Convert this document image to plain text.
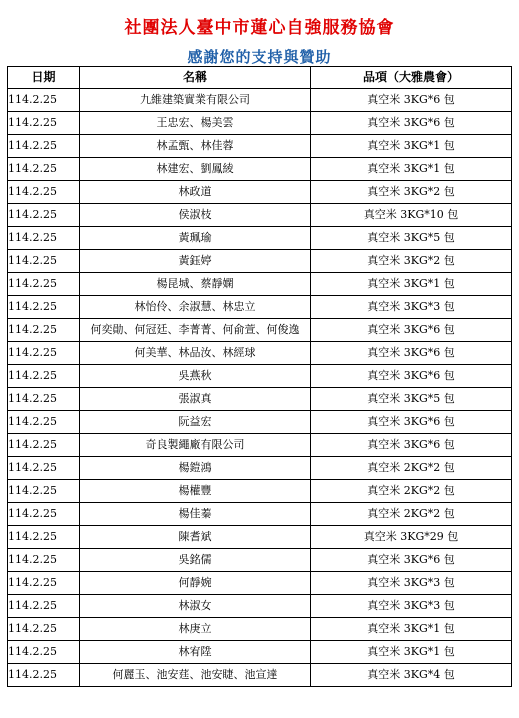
社團法人臺中市蓮心自強服務協會
感謝您的支持與贊助
日期	名稱	品項（大雅農會）
114.2.25	九維建築實業有限公司	真空米 3KG*6 包
114.2.25	王忠宏、楊美雲	真空米 3KG*6 包
114.2.25	林孟甄、林佳蓉	真空米 3KG*1 包
114.2.25	林建宏、劉鳳綾	真空米 3KG*1 包
114.2.25	林政道	真空米 3KG*2 包
114.2.25	侯淑枝	真空米 3KG*10 包
114.2.25	黃珮瑜	真空米 3KG*5 包
114.2.25	黃鈺婷	真空米 3KG*2 包
114.2.25	楊昆城、蔡靜嫻	真空米 3KG*1 包
114.2.25	林怡伶、余淑慧、林忠立	真空米 3KG*3 包
114.2.25	何奕勛、何冠廷、李菁菁、何俞萱、何俊逸	真空米 3KG*6 包
114.2.25	何美華、林品汝、林經球	真空米 3KG*6 包
114.2.25	吳燕秋	真空米 3KG*6 包
114.2.25	張淑真	真空米 3KG*5 包
114.2.25	阮益宏	真空米 3KG*6 包
114.2.25	奇良製繩廠有限公司	真空米 3KG*6 包
114.2.25	楊鎧鴻	真空米 2KG*2 包
114.2.25	楊權豐	真空米 2KG*2 包
114.2.25	楊佳蓁	真空米 2KG*2 包
114.2.25	陳耆斌	真空米 3KG*29 包
114.2.25	吳銘儒	真空米 3KG*6 包
114.2.25	何靜婉	真空米 3KG*3 包
114.2.25	林淑女	真空米 3KG*3 包
114.2.25	林庚立	真空米 3KG*1 包
114.2.25	林宥陞	真空米 3KG*1 包
114.2.25	何麗玉、池安莛、池安睫、池宣達	真空米 3KG*4 包
